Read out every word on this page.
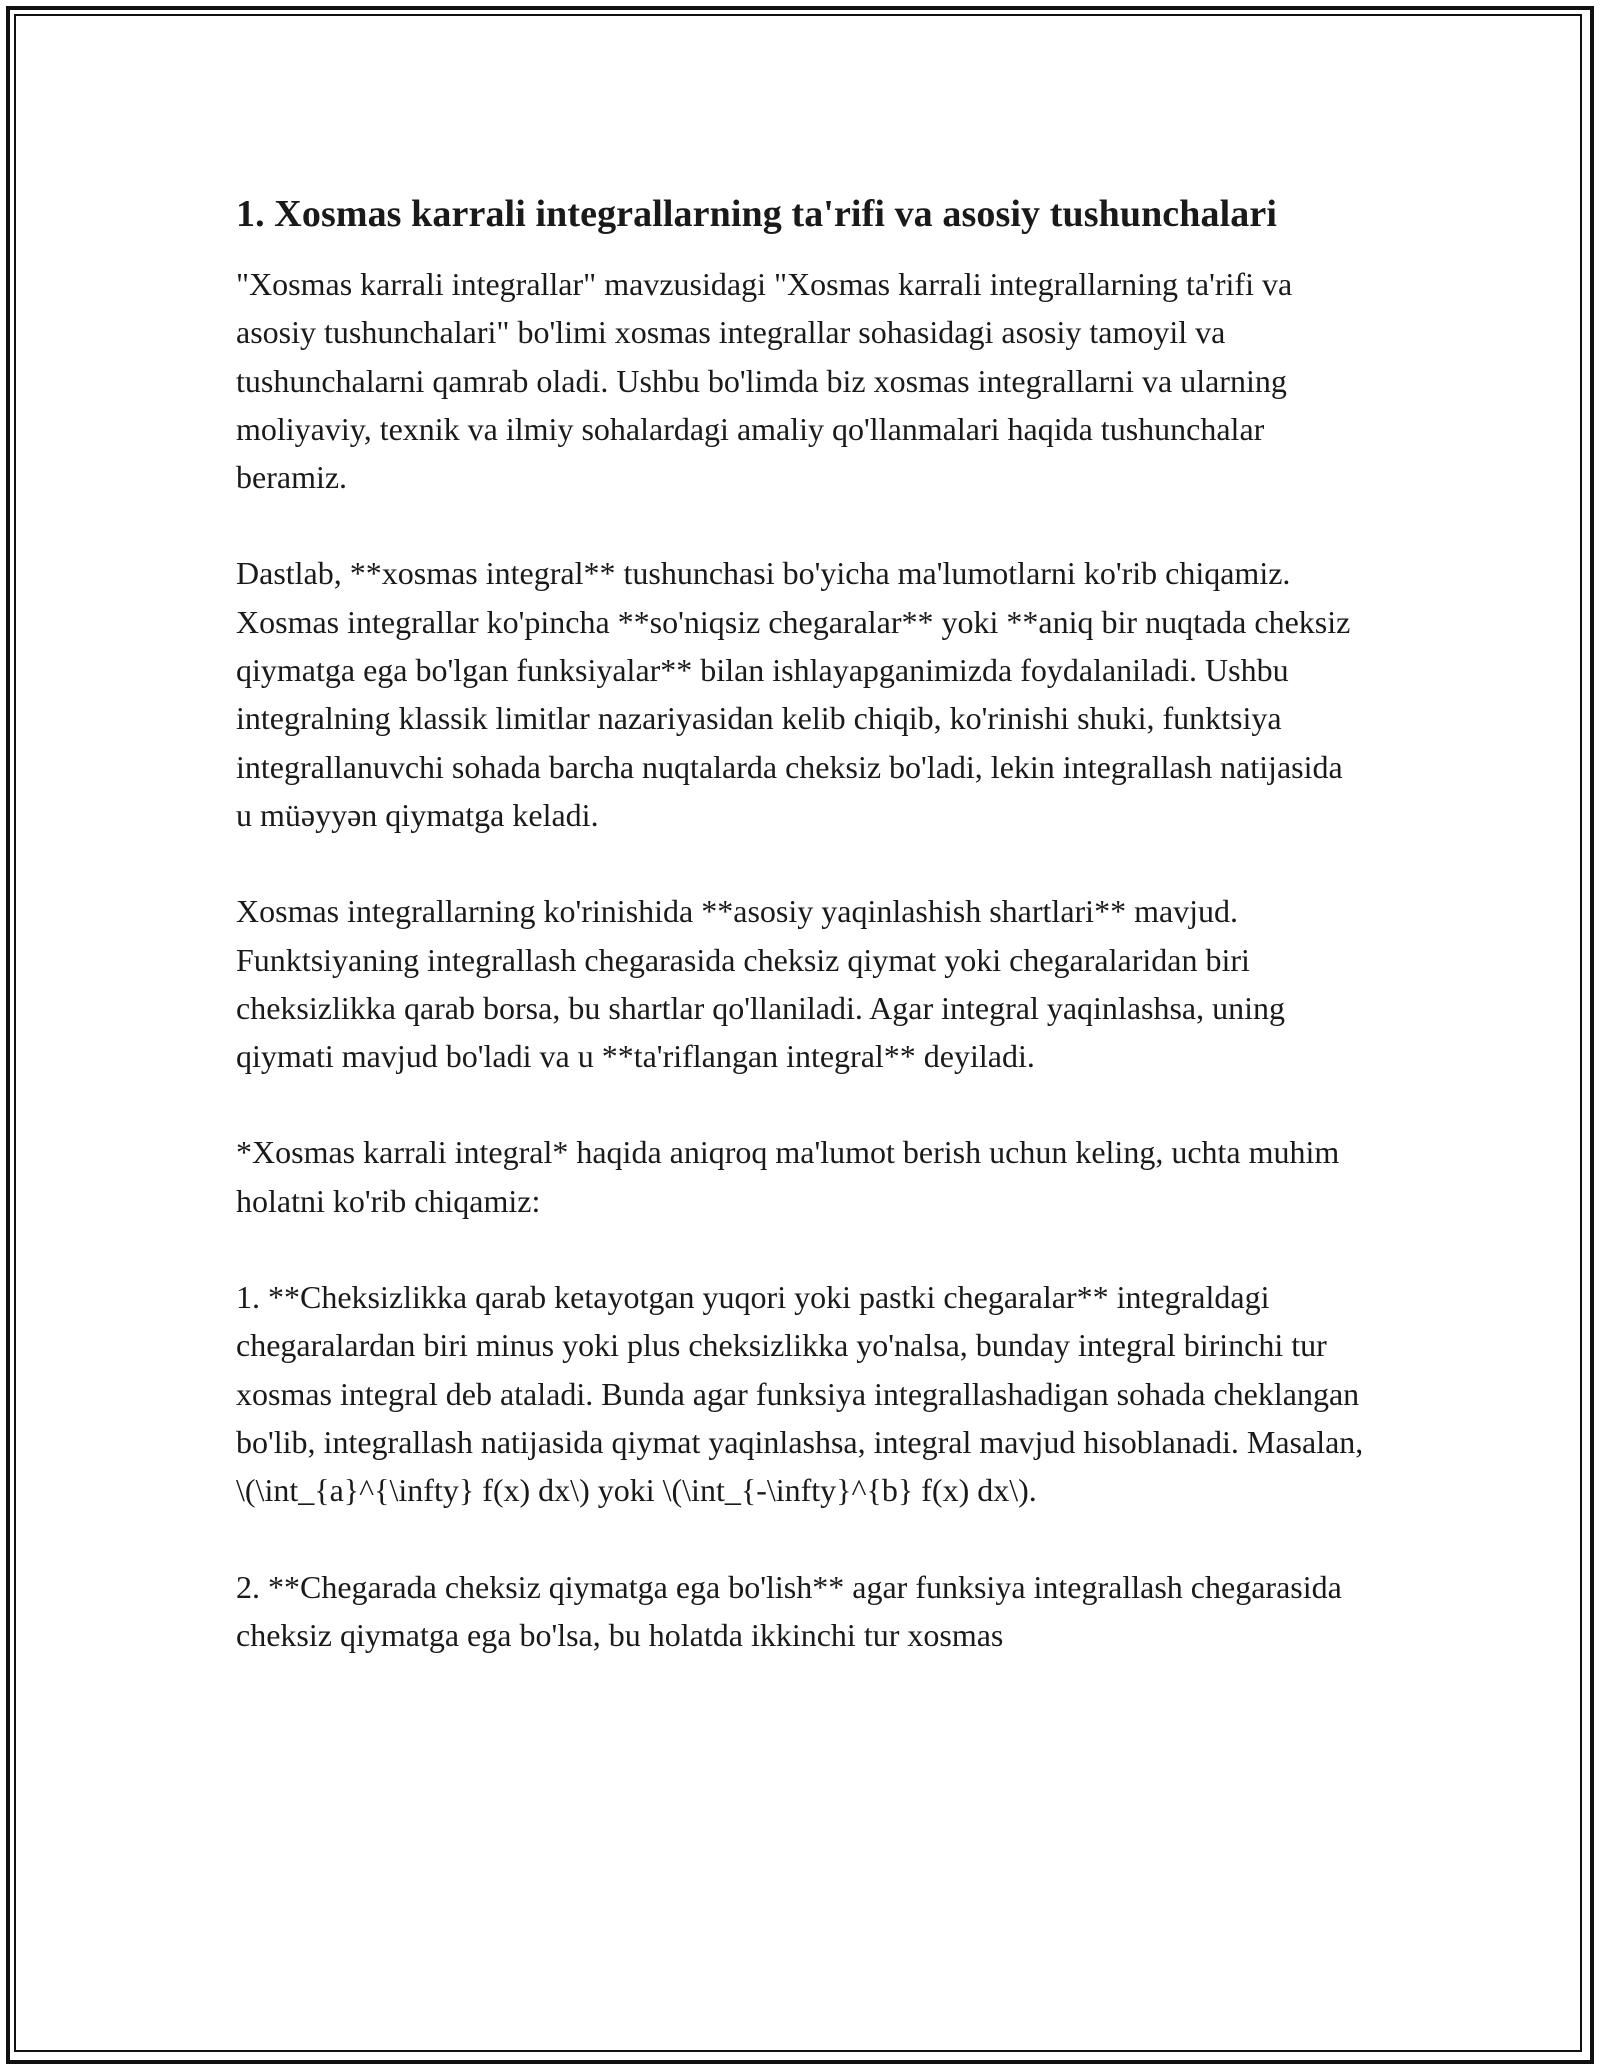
1. Xosmas karrali integrallarning ta'rifi va asosiy tushunchalari

"Xosmas karrali integrallar" mavzusidagi "Xosmas karrali integrallarning ta'rifi va asosiy tushunchalari" bo'limi xosmas integrallar sohasidagi asosiy tamoyil va tushunchalarni qamrab oladi. Ushbu bo'limda biz xosmas integrallarni va ularning moliyaviy, texnik va ilmiy sohalardagi amaliy qo'llanmalari haqida tushunchalar beramiz.

Dastlab, **xosmas integral** tushunchasi bo'yicha ma'lumotlarni ko'rib chiqamiz. Xosmas integrallar ko'pincha **so'niqsiz chegaralar** yoki **aniq bir nuqtada cheksiz qiymatga ega bo'lgan funksiyalar** bilan ishlayapganimizda foydalaniladi. Ushbu integralning klassik limitlar nazariyasidan kelib chiqib, ko'rinishi shuki, funktsiya integrallanuvchi sohada barcha nuqtalarda cheksiz bo'ladi, lekin integrallash natijasida u müəyyən qiymatga keladi.

Xosmas integrallarning ko'rinishida **asosiy yaqinlashish shartlari** mavjud. Funktsiyaning integrallash chegarasida cheksiz qiymat yoki chegaralaridan biri cheksizlikka qarab borsa, bu shartlar qo'llaniladi. Agar integral yaqinlashsa, uning qiymati mavjud bo'ladi va u **ta'riflangan integral** deyiladi.

*Xosmas karrali integral* haqida aniqroq ma'lumot berish uchun keling, uchta muhim holatni ko'rib chiqamiz:

1. **Cheksizlikka qarab ketayotgan yuqori yoki pastki chegaralar** integraldagi chegaralardan biri minus yoki plus cheksizlikka yo'nalsa, bunday integral birinchi tur xosmas integral deb ataladi. Bunda agar funksiya integrallashadigan sohada cheklangan bo'lib, integrallash natijasida qiymat yaqinlashsa, integral mavjud hisoblanadi. Masalan, \(\int_{a}^{\infty} f(x) dx\) yoki \(\int_{-\infty}^{b} f(x) dx\).

2. **Chegarada cheksiz qiymatga ega bo'lish** agar funksiya integrallash chegarasida cheksiz qiymatga ega bo'lsa, bu holatda ikkinchi tur xosmas
